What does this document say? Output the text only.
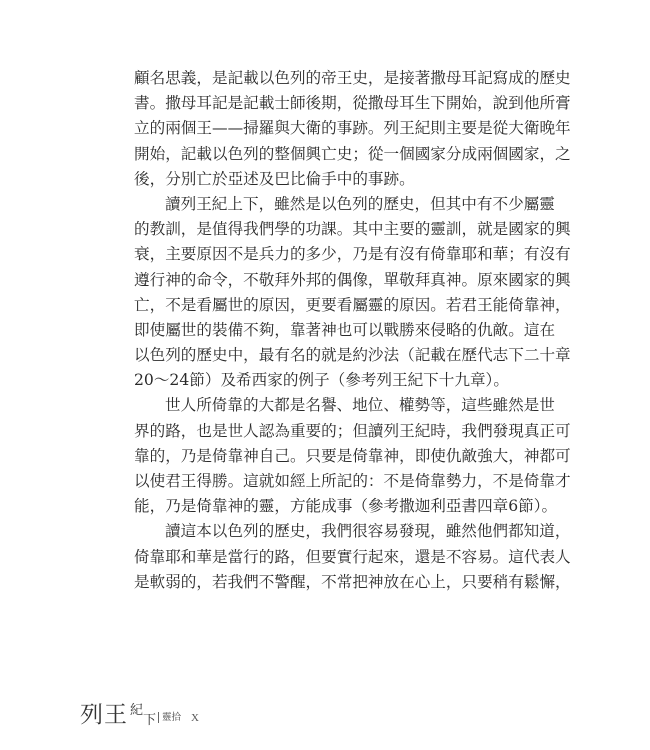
顧名思義，是記載以色列的帝王史，是接著撒母耳記寫成的歷史
書。撒母耳記是記載士師後期，從撒母耳生下開始，說到他所膏
立的兩個王——掃羅與大衛的事跡。列王紀則主要是從大衛晚年
開始，記載以色列的整個興亡史；從一個國家分成兩個國家，之
後，分別亡於亞述及巴比倫手中的事跡。
讀列王紀上下，雖然是以色列的歷史，但其中有不少屬靈
的教訓，是值得我們學的功課。其中主要的靈訓，就是國家的興
衰，主要原因不是兵力的多少，乃是有沒有倚靠耶和華；有沒有
遵行神的命令，不敬拜外邦的偶像，單敬拜真神。原來國家的興
亡，不是看屬世的原因，更要看屬靈的原因。若君王能倚靠神，
即使屬世的裝備不夠，靠著神也可以戰勝來侵略的仇敵。這在
以色列的歷史中，最有名的就是約沙法（記載在歷代志下二十章
20～24節）及希西家的例子（參考列王紀下十九章）。
世人所倚靠的大都是名譽、地位、權勢等，這些雖然是世
界的路，也是世人認為重要的；但讀列王紀時，我們發現真正可
靠的，乃是倚靠神自己。只要是倚靠神，即使仇敵強大，神都可
以使君王得勝。這就如經上所記的：不是倚靠勢力，不是倚靠才
能，乃是倚靠神的靈，方能成事（參考撒迦利亞書四章6節）。
讀這本以色列的歷史，我們很容易發現，雖然他們都知道，
倚靠耶和華是當行的路，但要實行起來，還是不容易。這代表人
是軟弱的，若我們不警醒，不常把神放在心上，只要稍有鬆懈，
列王 紀
下 靈拾 X
